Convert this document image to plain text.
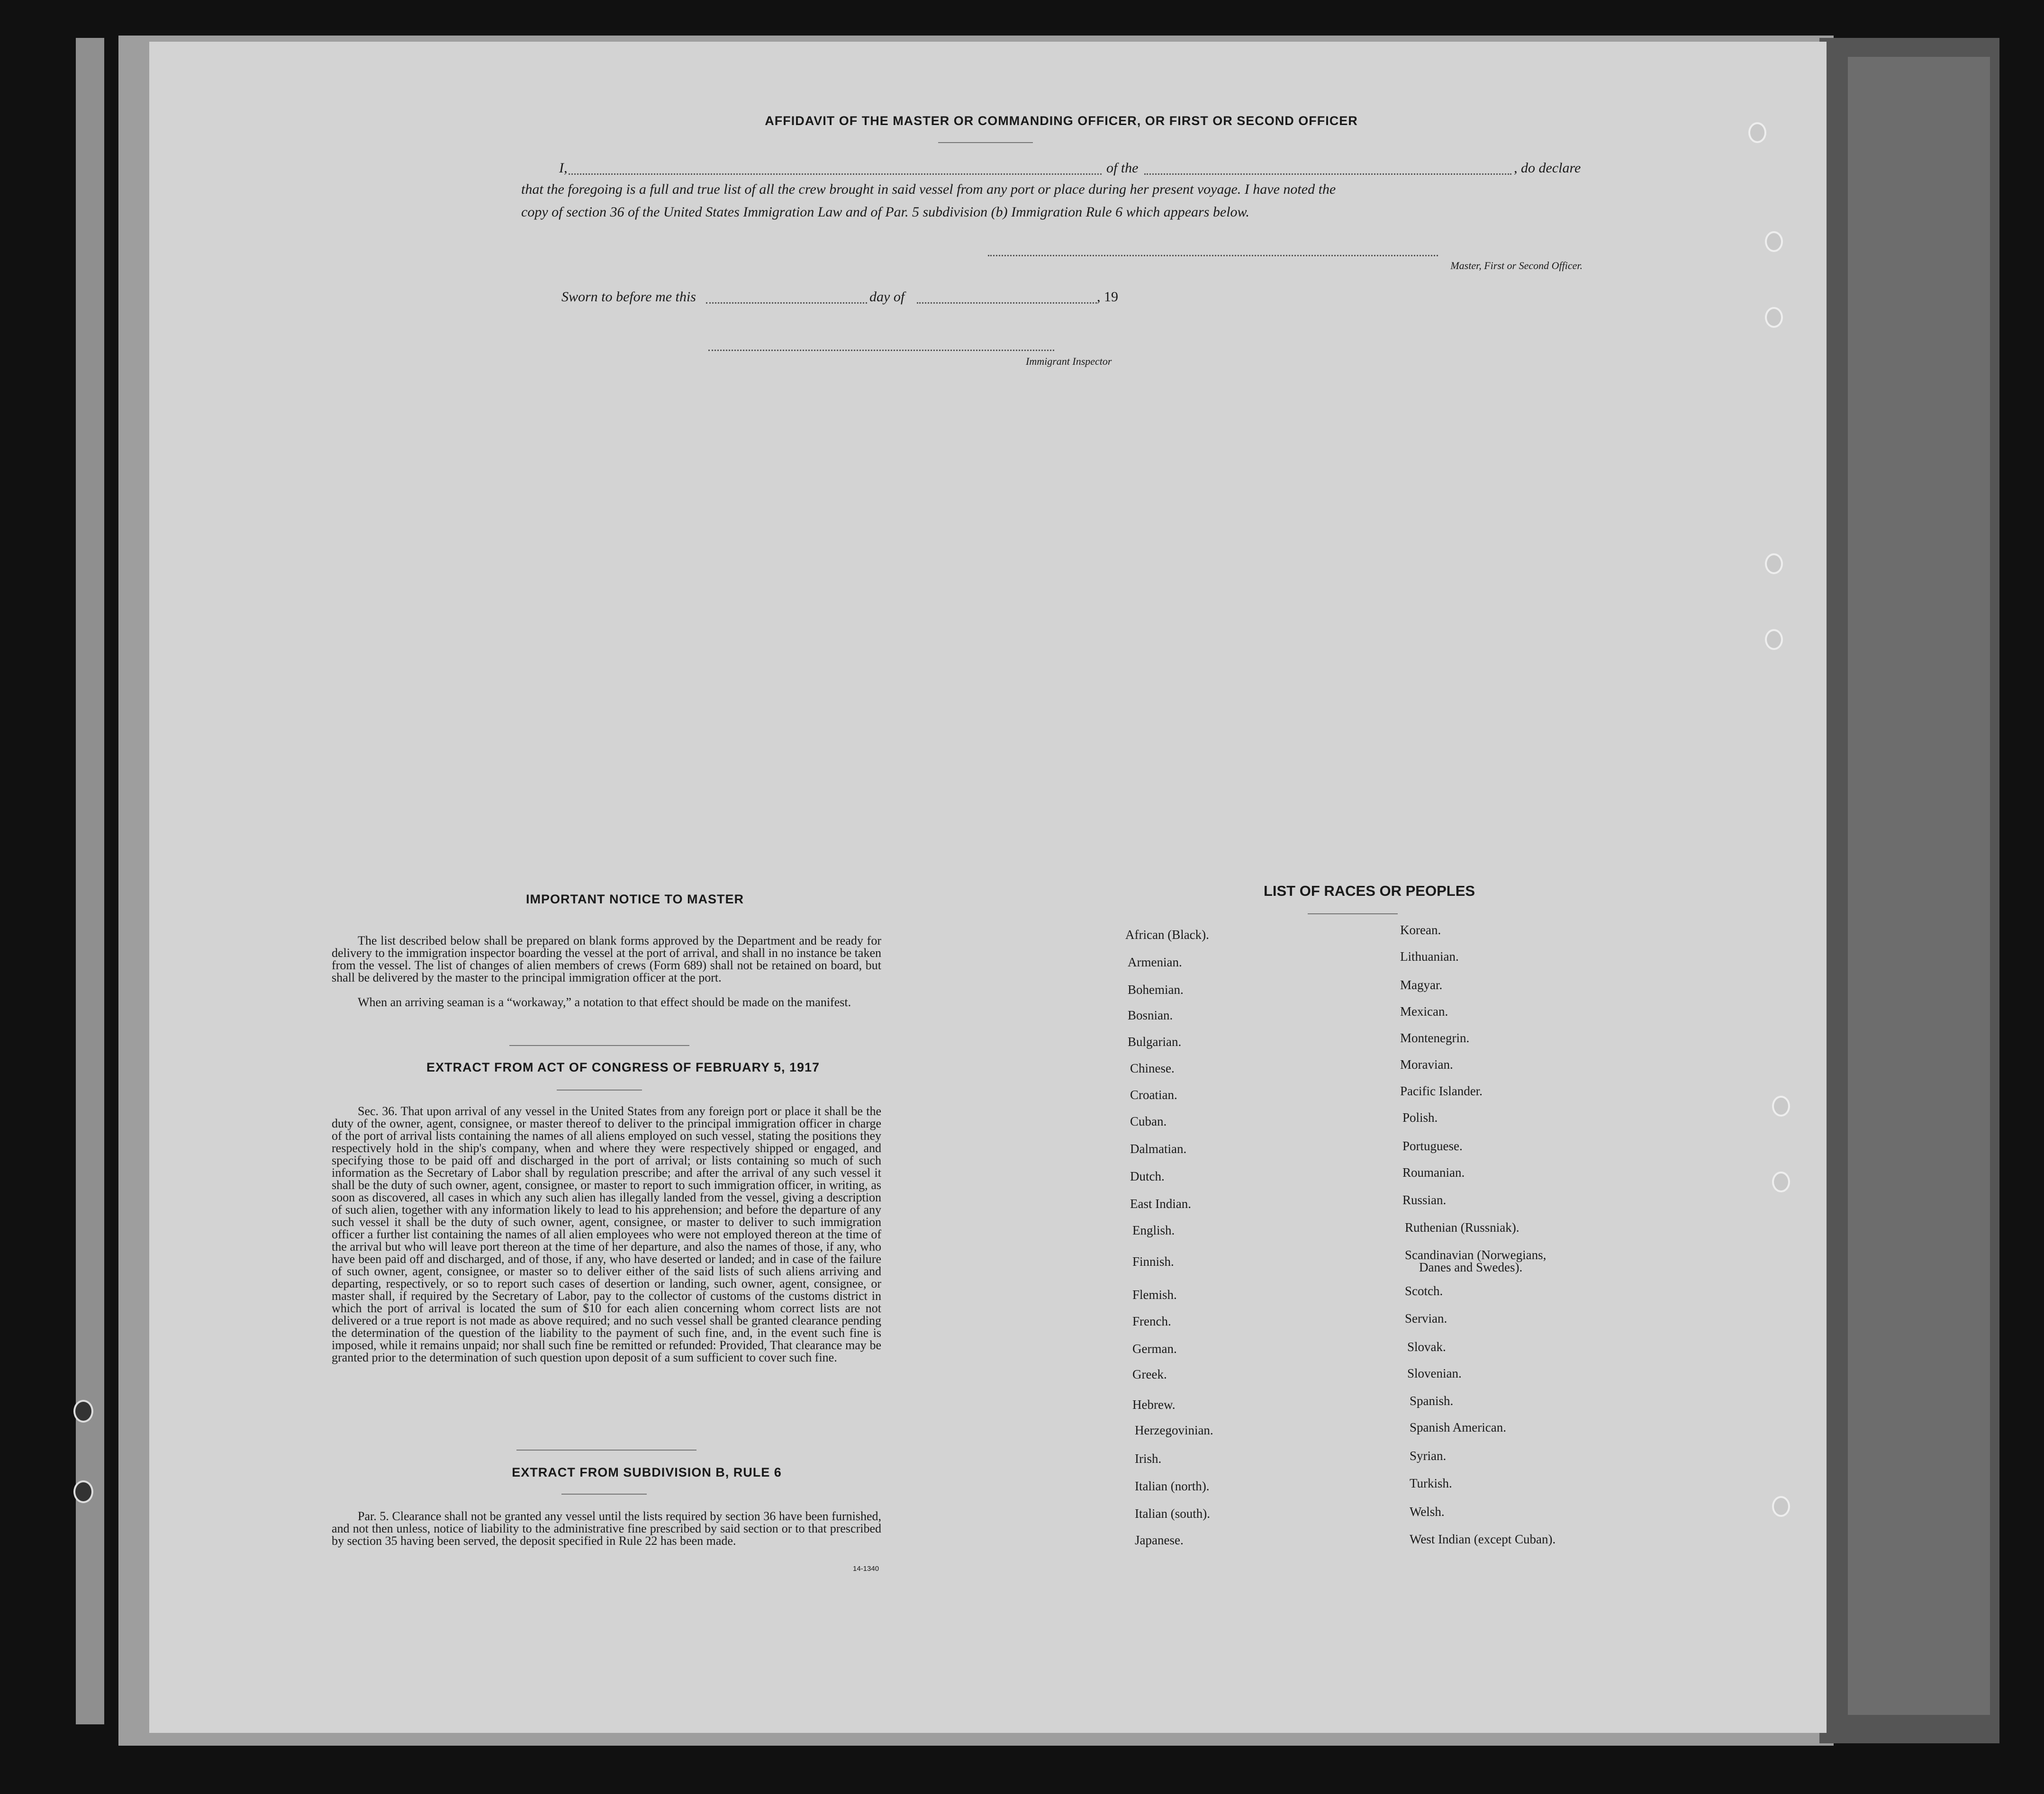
AFFIDAVIT OF THE MASTER OR COMMANDING OFFICER, OR FIRST OR SECOND OFFICER
I,	of the	, do declare
that the foregoing is a full and true list of all the crew brought in said vessel from any port or place during her present voyage. I have noted the
copy of section 36 of the United States Immigration Law and of Par. 5 subdivision (b) Immigration Rule 6 which appears below.
Master, First or Second Officer.
Sworn to before me this	day of	, 19
Immigrant Inspector
IMPORTANT NOTICE TO MASTER
The list described below shall be prepared on blank forms approved by the Department and be ready for delivery to the immigration inspector boarding the vessel at the port of arrival, and shall in no instance be taken from the vessel. The list of changes of alien members of crews (Form 689) shall not be retained on board, but shall be delivered by the master to the principal immigration officer at the port.
When an arriving seaman is a “workaway,” a notation to that effect should be made on the manifest.
EXTRACT FROM ACT OF CONGRESS OF FEBRUARY 5, 1917
Sec. 36. That upon arrival of any vessel in the United States from any foreign port or place it shall be the duty of the owner, agent, consignee, or master thereof to deliver to the principal immigration officer in charge of the port of arrival lists containing the names of all aliens employed on such vessel, stating the positions they respectively hold in the ship's company, when and where they were respectively shipped or engaged, and specifying those to be paid off and discharged in the port of arrival; or lists containing so much of such information as the Secretary of Labor shall by regulation prescribe; and after the arrival of any such vessel it shall be the duty of such owner, agent, consignee, or master to report to such immigration officer, in writing, as soon as discovered, all cases in which any such alien has illegally landed from the vessel, giving a description of such alien, together with any information likely to lead to his apprehension; and before the departure of any such vessel it shall be the duty of such owner, agent, consignee, or master to deliver to such immigration officer a further list containing the names of all alien employees who were not employed thereon at the time of the arrival but who will leave port thereon at the time of her departure, and also the names of those, if any, who have been paid off and discharged, and of those, if any, who have deserted or landed; and in case of the failure of such owner, agent, consignee, or master so to deliver either of the said lists of such aliens arriving and departing, respectively, or so to report such cases of desertion or landing, such owner, agent, consignee, or master shall, if required by the Secretary of Labor, pay to the collector of customs of the customs district in which the port of arrival is located the sum of $10 for each alien concerning whom correct lists are not delivered or a true report is not made as above required; and no such vessel shall be granted clearance pending the determination of the question of the liability to the payment of such fine, and, in the event such fine is imposed, while it remains unpaid; nor shall such fine be remitted or refunded: Provided, That clearance may be granted prior to the determination of such question upon deposit of a sum sufficient to cover such fine.
EXTRACT FROM SUBDIVISION B, RULE 6
Par. 5. Clearance shall not be granted any vessel until the lists required by section 36 have been furnished, and not then unless, notice of liability to the administrative fine prescribed by said section or to that prescribed by section 35 having been served, the deposit specified in Rule 22 has been made.
14-1340
LIST OF RACES OR PEOPLES
African (Black).
Armenian.
Bohemian.
Bosnian.
Bulgarian.
Chinese.
Croatian.
Cuban.
Dalmatian.
Dutch.
East Indian.
English.
Finnish.
Flemish.
French.
German.
Greek.
Hebrew.
Herzegovinian.
Irish.
Italian (north).
Italian (south).
Japanese.
Korean.
Lithuanian.
Magyar.
Mexican.
Montenegrin.
Moravian.
Pacific Islander.
Polish.
Portuguese.
Roumanian.
Russian.
Ruthenian (Russniak).
Scandinavian (Norwegians,
Danes and Swedes).
Scotch.
Servian.
Slovak.
Slovenian.
Spanish.
Spanish American.
Syrian.
Turkish.
Welsh.
West Indian (except Cuban).
